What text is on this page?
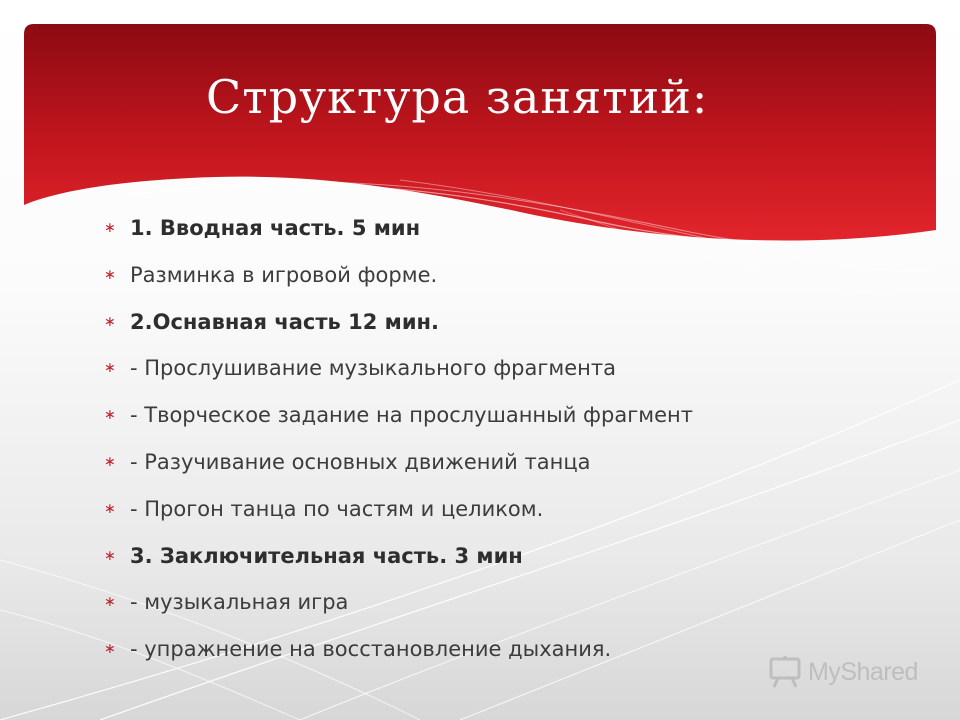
Структура занятий:
∗ 1. Вводная часть. 5 мин
∗ Разминка в игровой форме.
∗ 2.Оснавная часть 12 мин.
∗ - Прослушивание музыкального фрагмента
∗ - Творческое задание на прослушанный фрагмент
∗ - Разучивание основных движений танца
∗ - Прогон танца по частям и целиком.
∗ 3. Заключительная часть. 3 мин
∗ - музыкальная игра
∗ - упражнение на восстановление дыхания.
MyShared
